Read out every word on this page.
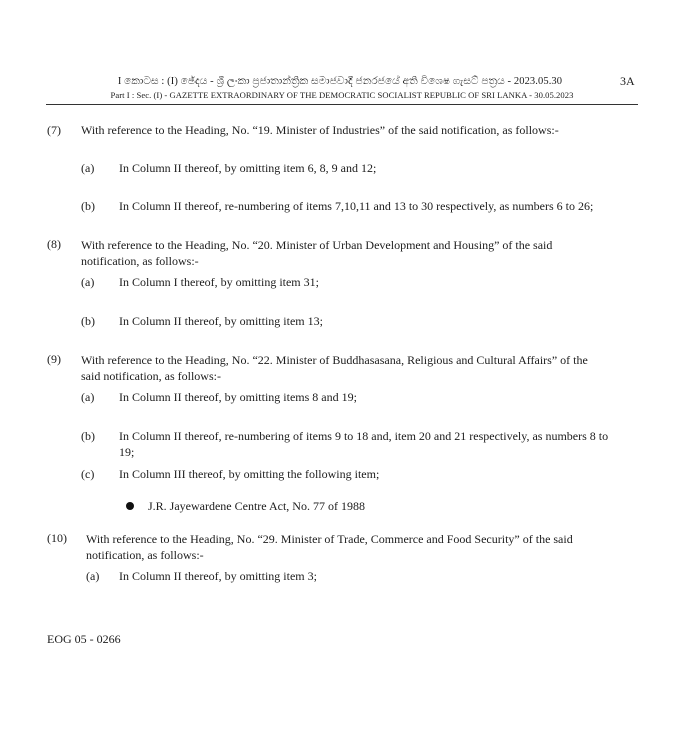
I කොටස : (I) ඡේදය - ශ්‍රී ලංකා ප්‍රජාතාන්ත්‍රික සමාජවාදී ජනරජයේ අති විශෙෂ ගැසට් පත්‍රය - 2023.05.30
Part I : Sec. (I) - GAZETTE EXTRAORDINARY OF THE DEMOCRATIC SOCIALIST REPUBLIC OF SRI LANKA - 30.05.2023
3A
(7) With reference to the Heading, No. “19. Minister of Industries” of the said notification, as follows:-
(a) In Column II thereof, by omitting item 6, 8, 9 and 12;
(b) In Column II thereof, re-numbering of items 7,10,11 and 13 to 30 respectively, as numbers 6 to 26;
(8) With reference to the Heading, No. “20. Minister of Urban Development and Housing” of the said notification, as follows:-
(a) In Column I thereof, by omitting item 31;
(b) In Column II thereof, by omitting item 13;
(9) With reference to the Heading, No. “22. Minister of Buddhasasana, Religious and Cultural Affairs” of the said notification, as follows:-
(a) In Column II thereof, by omitting items 8 and 19;
(b) In Column II thereof, re-numbering of items 9 to 18 and, item 20 and 21 respectively, as numbers 8 to 19;
(c) In Column III thereof, by omitting the following item;
J.R. Jayewardene Centre Act, No. 77 of 1988
(10) With reference to the Heading, No. “29. Minister of Trade, Commerce and Food Security” of the said notification, as follows:-
(a) In Column II thereof, by omitting item 3;
EOG 05 - 0266
